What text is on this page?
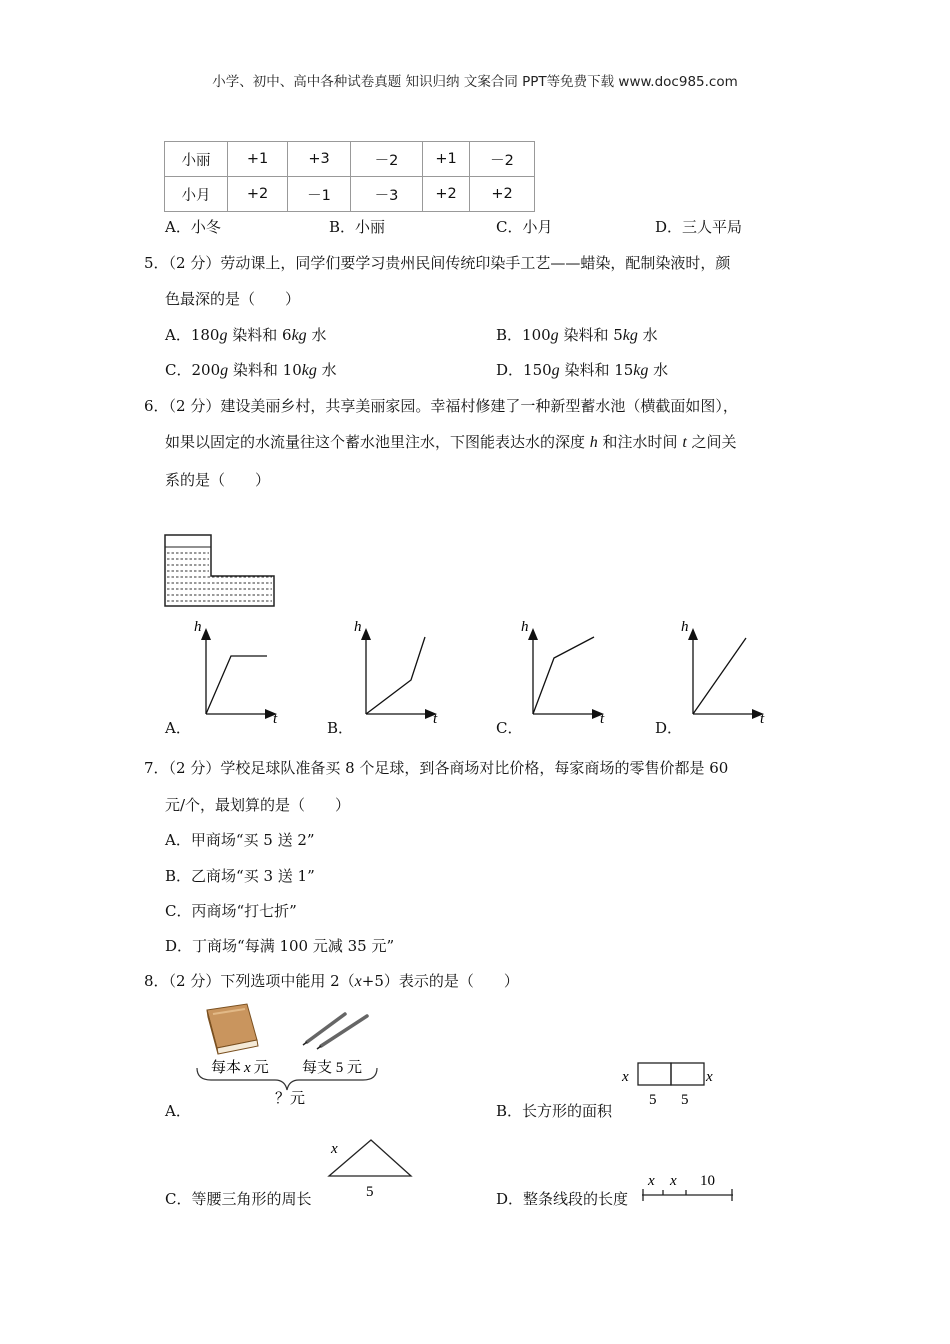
小学、初中、高中各种试卷真题 知识归纳 文案合同 PPT等免费下载 www.doc985.com
小丽	+1	+3	－2	+1	－2
小月	+2	－1	－3	+2	+2
A．小冬	B．小丽	C．小月	D．三人平局
5．（2 分）劳动课上，同学们要学习贵州民间传统印染手工艺——蜡染，配制染液时，颜
色最深的是（　　）
A．180g 染料和 6kg 水	B．100g 染料和 5kg 水
C．200g 染料和 10kg 水	D．150g 染料和 15kg 水
6．（2 分）建设美丽乡村，共享美丽家园。幸福村修建了一种新型蓄水池（横截面如图），
如果以固定的水流量往这个蓄水池里注水，下图能表达水的深度 h 和注水时间 t 之间关
系的是（　　）
h
t
h
t
h
t
h
t
A．	B．	C．	D．
7．（2 分）学校足球队准备买 8 个足球，到各商场对比价格，每家商场的零售价都是 60
元/个，最划算的是（　　）
A．甲商场“买 5 送 2”
B．乙商场“买 3 送 1”
C．丙商场“打七折”
D．丁商场“每满 100 元减 35 元”
8．（2 分）下列选项中能用 2（x+5）表示的是（　　）
每本 x 元 每支 5 元
？元
A．	B．长方形的面积
x	x
5 5
C．等腰三角形的周长
x
5	D．整条线段的长度
x x 10
